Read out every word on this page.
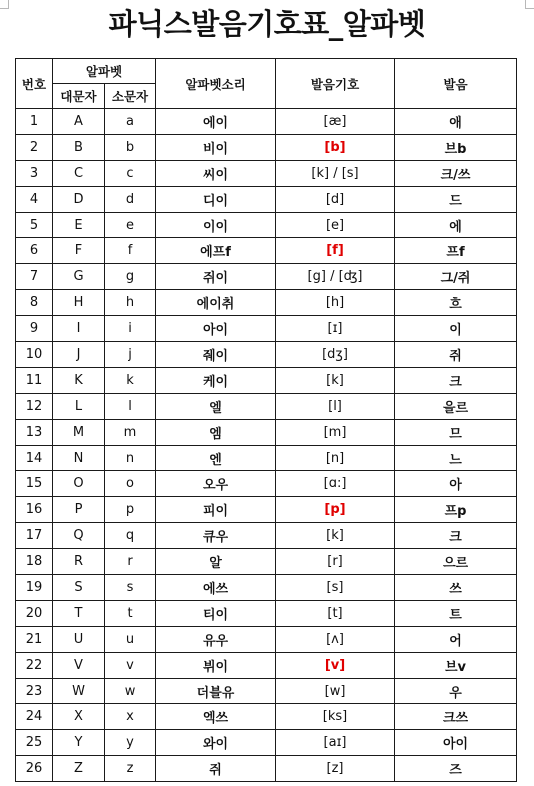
파닉스발음기호표_알파벳
번호	알파벳		알파벳소리	발음기호	발음
	대문자	소문자			
1	A	a	에이	[æ]	애
2	B	b	비이	[b]	브b
3	C	c	씨이	[k] / [s]	크/쓰
4	D	d	디이	[d]	드
5	E	e	이이	[e]	에
6	F	f	에프f	[f]	프f
7	G	g	쥐이	[g] / [ʤ]	그/쥐
8	H	h	에이취	[h]	흐
9	I	i	아이	[ɪ]	이
10	J	j	줴이	[dʒ]	쥐
11	K	k	케이	[k]	크
12	L	l	엘	[l]	을르
13	M	m	엠	[m]	므
14	N	n	엔	[n]	느
15	O	o	오우	[ɑ:]	아
16	P	p	피이	[p]	프p
17	Q	q	큐우	[k]	크
18	R	r	알	[r]	으르
19	S	s	에쓰	[s]	쓰
20	T	t	티이	[t]	트
21	U	u	유우	[ʌ]	어
22	V	v	뷔이	[v]	브v
23	W	w	더블유	[w]	우
24	X	x	엑쓰	[ks]	크쓰
25	Y	y	와이	[aɪ]	아이
26	Z	z	쥐	[z]	즈
